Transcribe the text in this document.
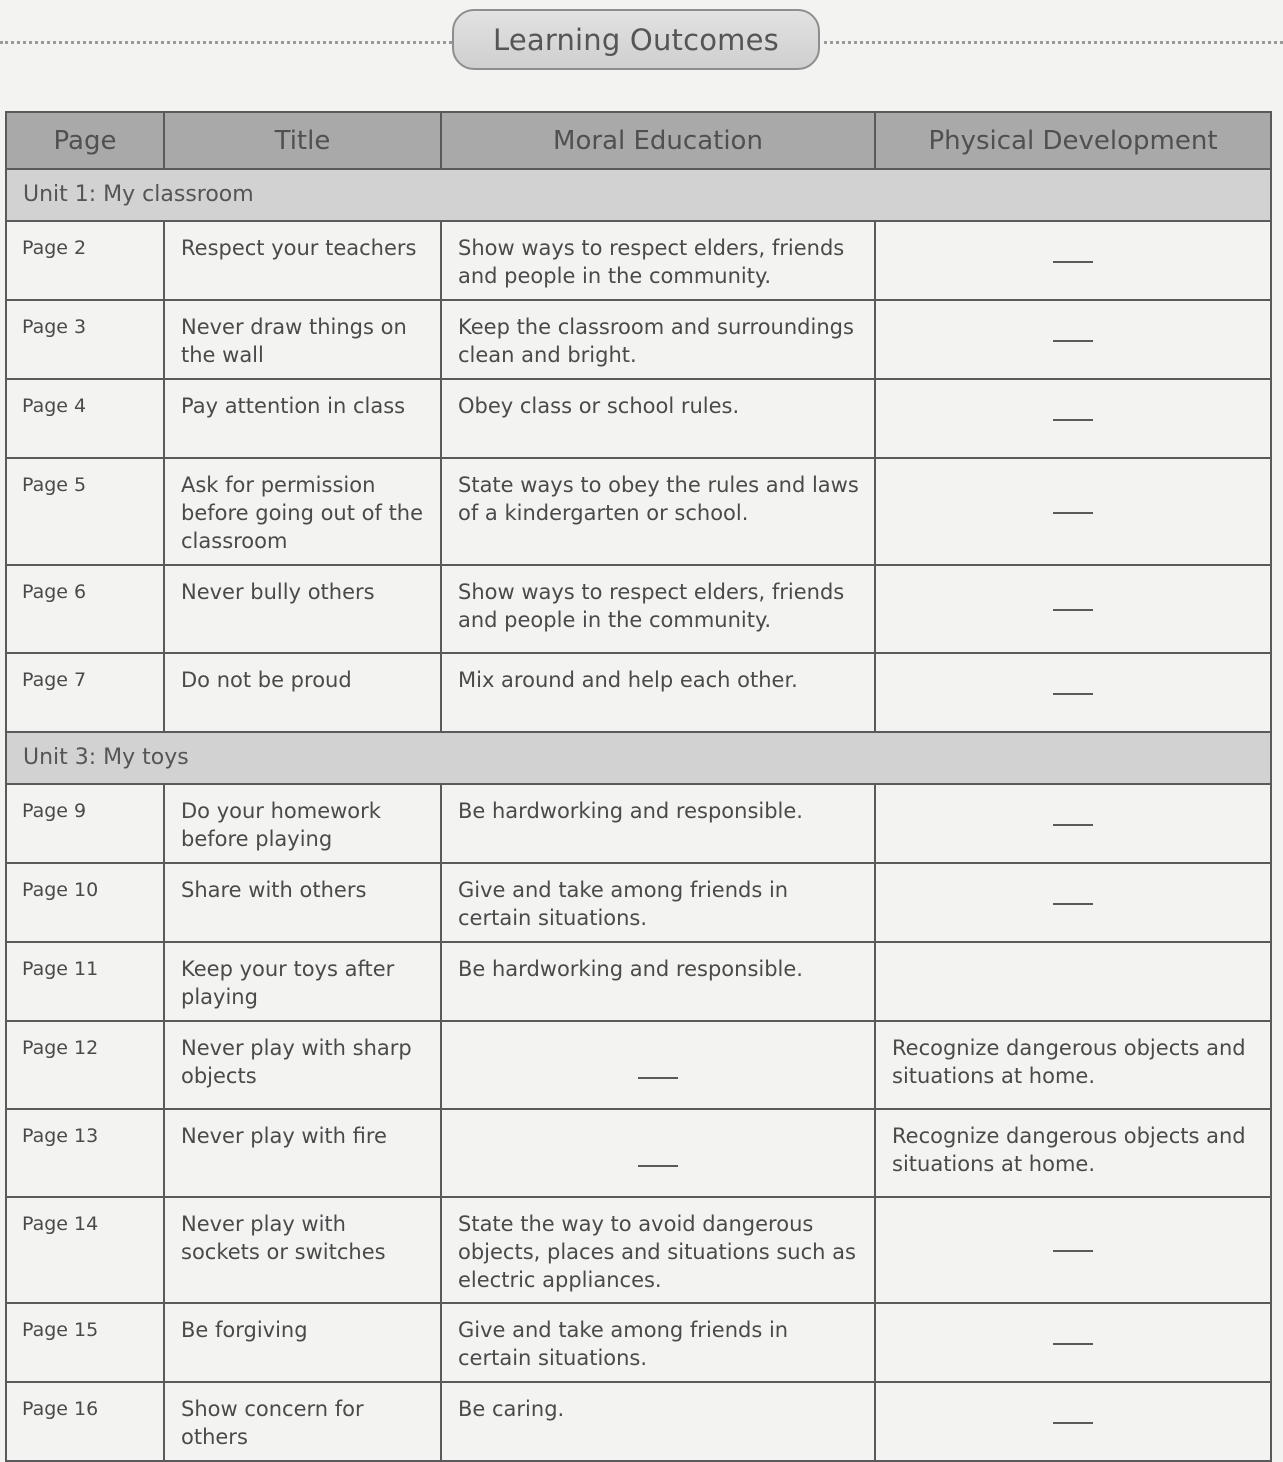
Learning Outcomes
Page	Title	Moral Education	Physical Development
Unit 1: My classroom			
Page 2	Respect your teachers	Show ways to respect elders, friends and people in the community.	

Page 3	Never draw things on the wall	Keep the classroom and surroundings clean and bright.	

Page 4	Pay attention in class	Obey class or school rules.	

Page 5	Ask for permission before going out of the classroom	State ways to obey the rules and laws of a kindergarten or school.	

Page 6	Never bully others	Show ways to respect elders, friends and people in the community.	

Page 7	Do not be proud	Mix around and help each other.	

Unit 3: My toys			
Page 9	Do your homework before playing	Be hardworking and responsible.	

Page 10	Share with others	Give and take among friends in certain situations.	

Page 11	Keep your toys after playing	Be hardworking and responsible.	
Page 12	Never play with sharp objects		Recognize dangerous objects and situations at home.
Page 13	Never play with fire		Recognize dangerous objects and situations at home.
Page 14	Never play with sockets or switches	State the way to avoid dangerous objects, places and situations such as electric appliances.	

Page 15	Be forgiving	Give and take among friends in certain situations.	

Page 16	Show concern for others	Be caring.	
